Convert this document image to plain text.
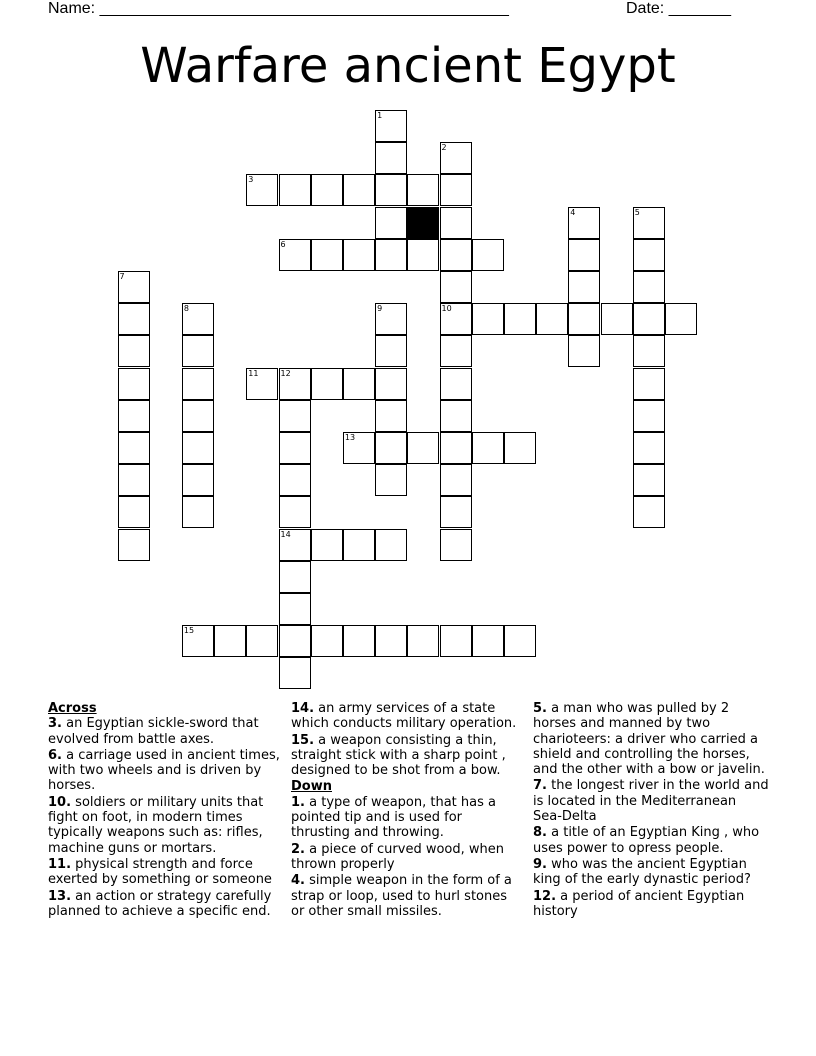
Name: ______________________________________________	Date: _______
Warfare ancient Egypt
1
2
3
4	5
6
7
8	9	10
11	12
14
13
15
Across
3. an Egyptian sickle-sword that evolved from battle axes.
6. a carriage used in ancient times, with two wheels and is driven by horses.
10. soldiers or military units that fight on foot, in modern times typically weapons such as: rifles, machine guns or mortars.
11. physical strength and force exerted by something or someone
13. an action or strategy carefully planned to achieve a specific end.
14. an army services of a state which conducts military operation.
15. a weapon consisting a thin, straight stick with a sharp point , designed to be shot from a bow.
Down
1. a type of weapon, that has a pointed tip and is used for thrusting and throwing.
2. a piece of curved wood, when thrown properly
4. simple weapon in the form of a strap or loop, used to hurl stones or other small missiles.
5. a man who was pulled by 2 horses and manned by two charioteers: a driver who carried a shield and controlling the horses, and the other with a bow or javelin.
7. the longest river in the world and is located in the Mediterranean Sea-Delta
8. a title of an Egyptian King , who uses power to opress people.
9. who was the ancient Egyptian king of the early dynastic period?
12. a period of ancient Egyptian history
